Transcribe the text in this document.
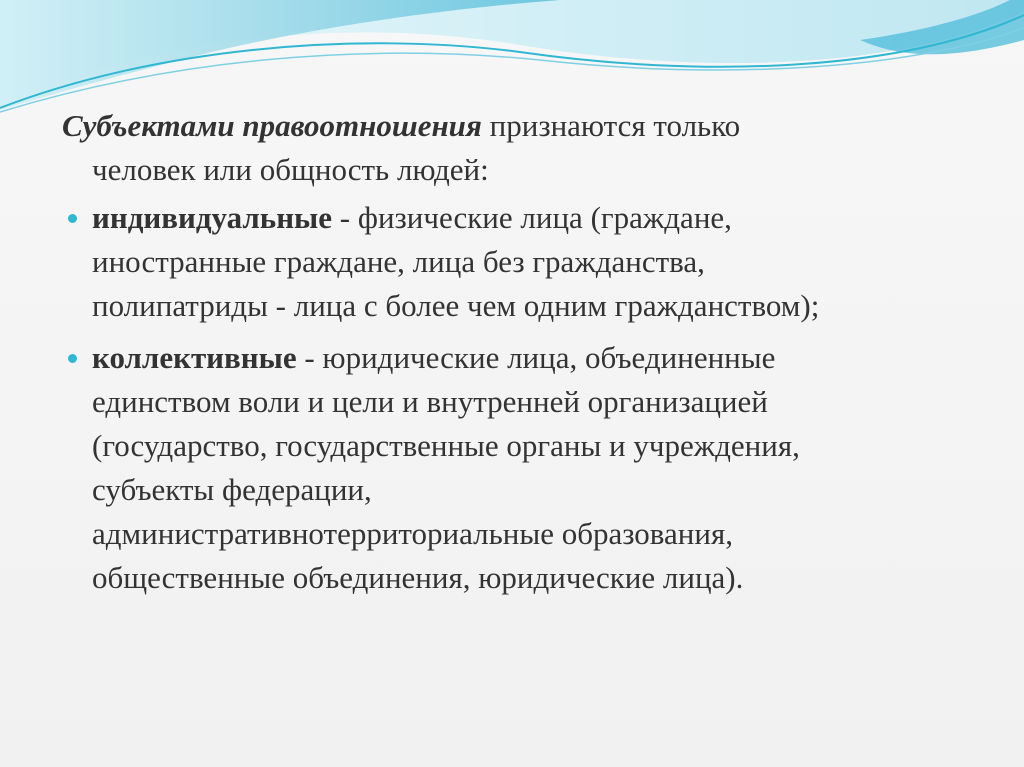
Субъектами правоотношения признаются только
человек или общность людей:

индивидуальные - физические лица (граждане,
иностранные граждане, лица без гражданства,
полипатриды - лица с более чем одним гражданством);
коллективные - юридические лица, объединенные
единством воли и цели и внутренней организацией
(государство, государственные органы и учреждения,
субъекты федерации,
административнотерриториальные образования,
общественные объединения, юридические лица).
